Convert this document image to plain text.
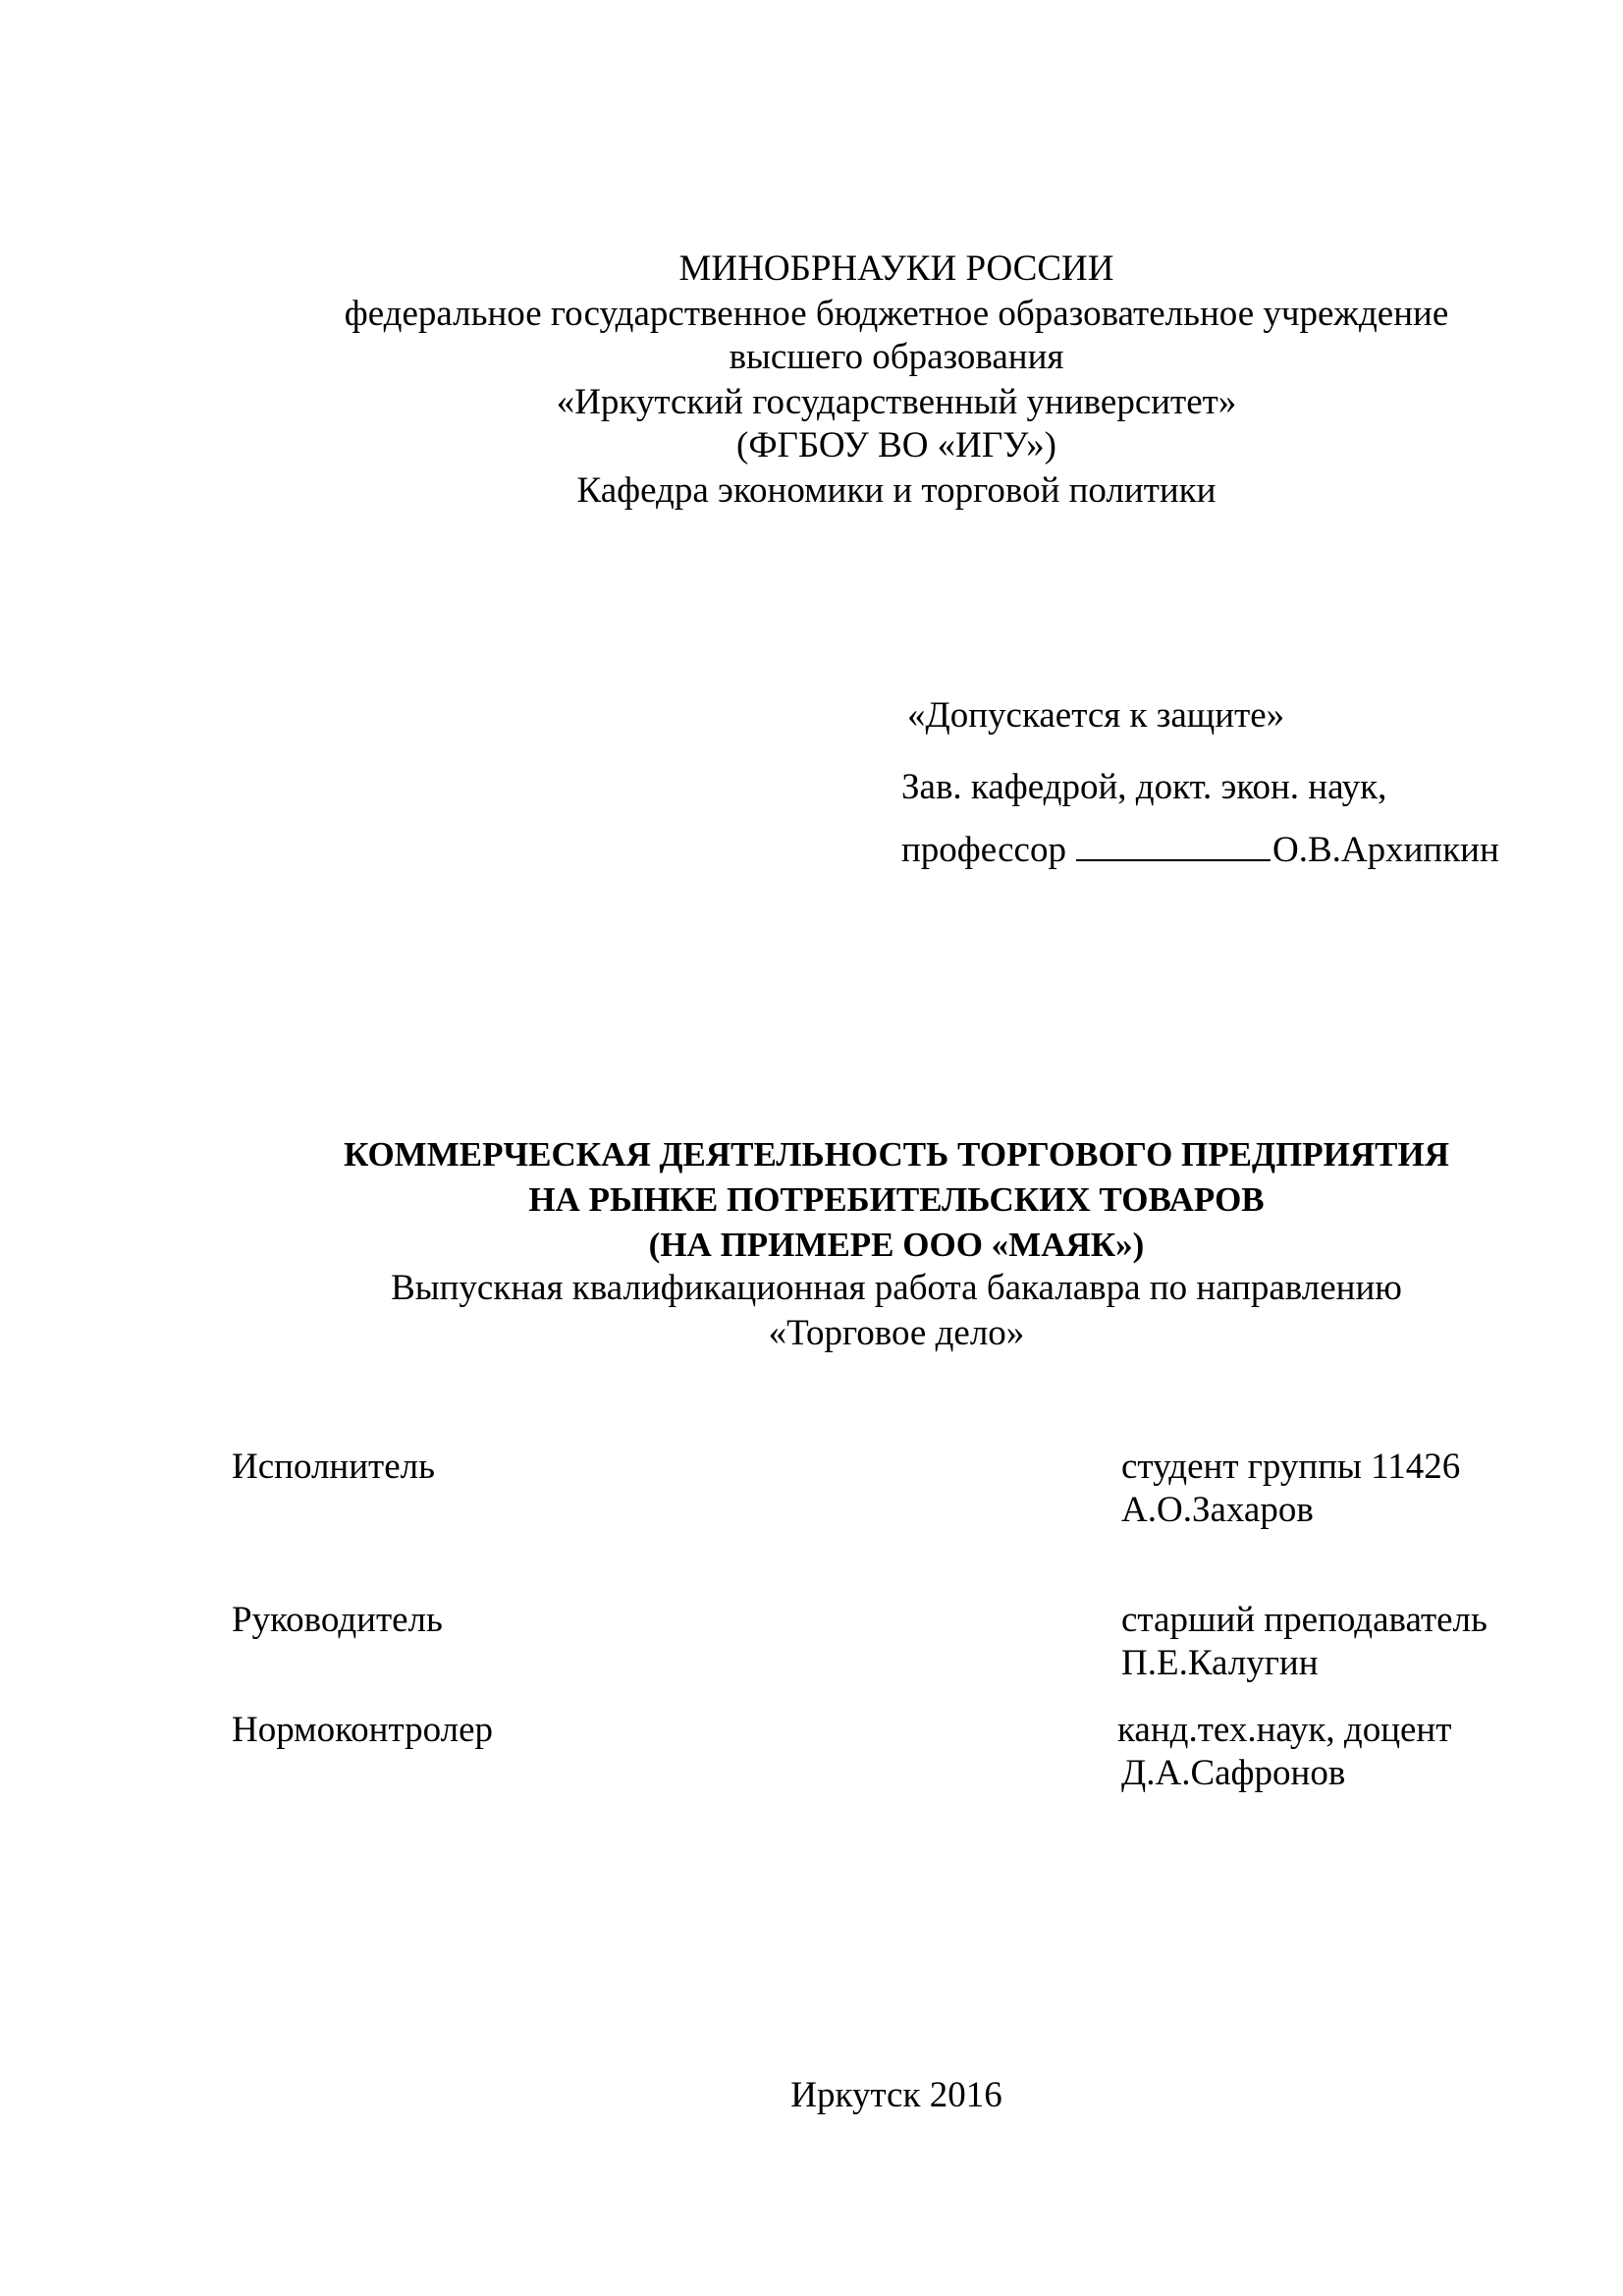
МИНОБРНАУКИ РОССИИ
федеральное государственное бюджетное образовательное учреждение
высшего образования
«Иркутский государственный университет»
(ФГБОУ ВО «ИГУ»)
Кафедра экономики и торговой политики
«Допускается к защите»
Зав. кафедрой, докт. экон. наук,
профессор	О.В.Архипкин
КОММЕРЧЕСКАЯ ДЕЯТЕЛЬНОСТЬ ТОРГОВОГО ПРЕДПРИЯТИЯ
НА РЫНКЕ ПОТРЕБИТЕЛЬСКИХ ТОВАРОВ
(НА ПРИМЕРЕ ООО «МАЯК»)
Выпускная квалификационная работа бакалавра по направлению
«Торговое дело»
Исполнитель	студент группы 11426
А.О.Захаров
Руководитель	старший преподаватель
П.Е.Калугин
Нормоконтролер	канд.тех.наук, доцент
Д.А.Сафронов
Иркутск 2016
